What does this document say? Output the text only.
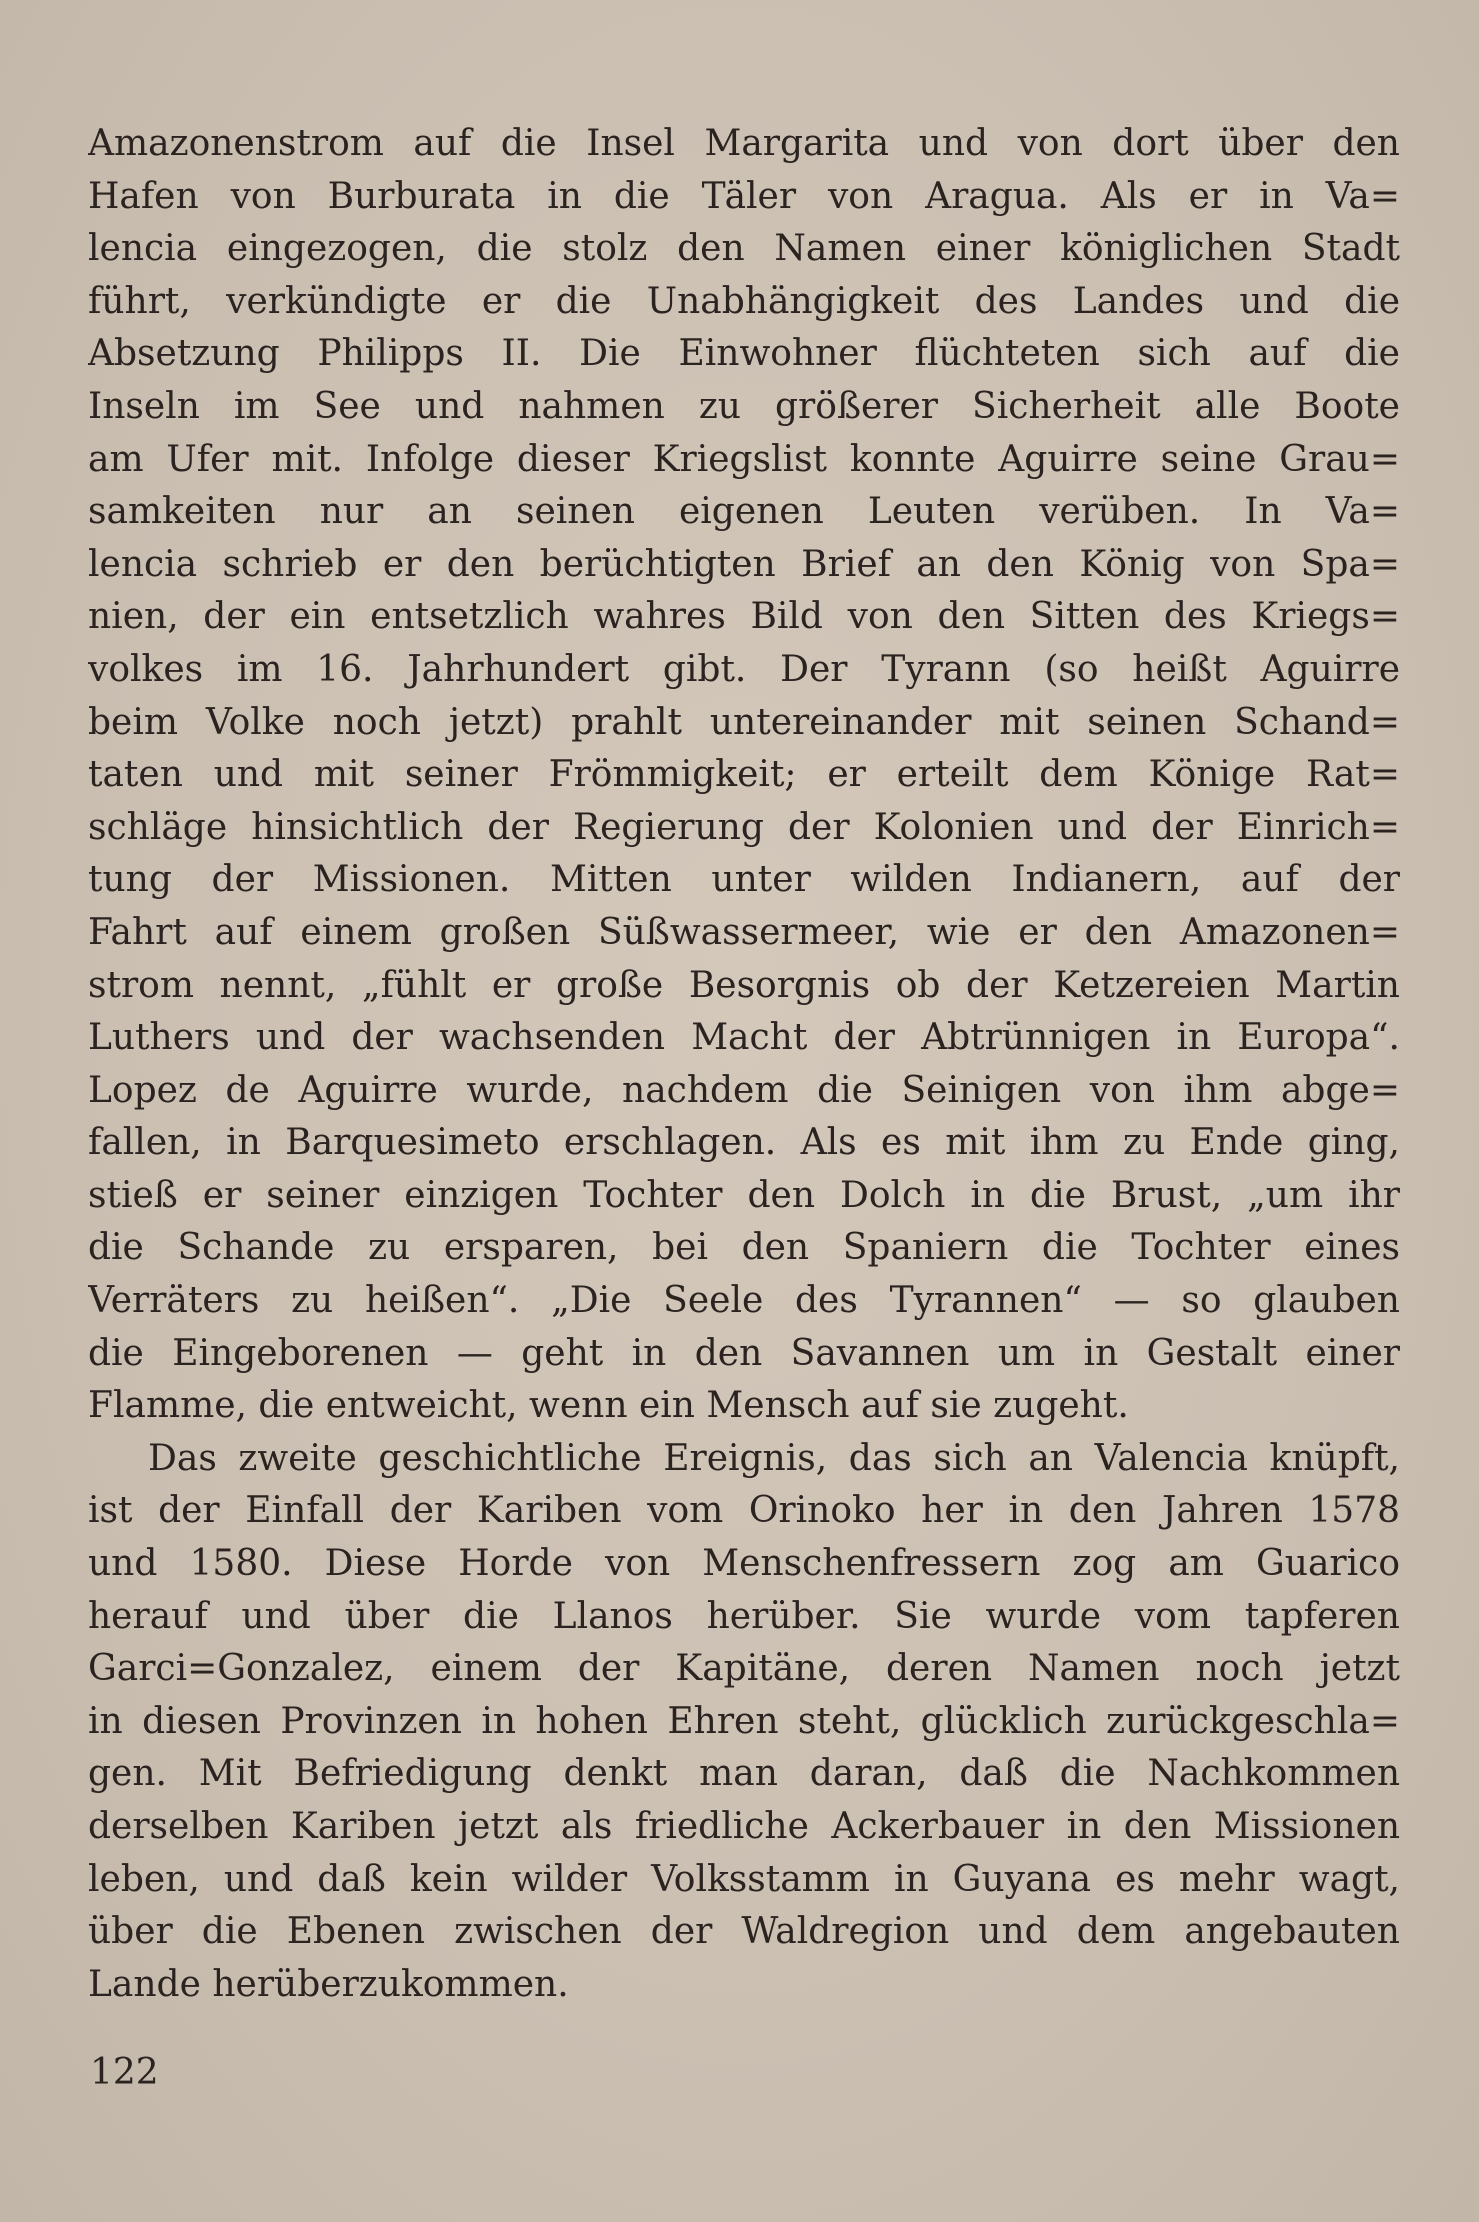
Amazonenstrom auf die Insel Margarita und von dort über den
Hafen von Burburata in die Täler von Aragua. Als er in Va=
lencia eingezogen, die stolz den Namen einer königlichen Stadt
führt, verkündigte er die Unabhängigkeit des Landes und die
Absetzung Philipps II. Die Einwohner flüchteten sich auf die
Inseln im See und nahmen zu größerer Sicherheit alle Boote
am Ufer mit. Infolge dieser Kriegslist konnte Aguirre seine Grau=
samkeiten nur an seinen eigenen Leuten verüben. In Va=
lencia schrieb er den berüchtigten Brief an den König von Spa=
nien, der ein entsetzlich wahres Bild von den Sitten des Kriegs=
volkes im 16. Jahrhundert gibt. Der Tyrann (so heißt Aguirre
beim Volke noch jetzt) prahlt untereinander mit seinen Schand=
taten und mit seiner Frömmigkeit; er erteilt dem Könige Rat=
schläge hinsichtlich der Regierung der Kolonien und der Einrich=
tung der Missionen. Mitten unter wilden Indianern, auf der
Fahrt auf einem großen Süßwassermeer, wie er den Amazonen=
strom nennt, „fühlt er große Besorgnis ob der Ketzereien Martin
Luthers und der wachsenden Macht der Abtrünnigen in Europa“.
Lopez de Aguirre wurde, nachdem die Seinigen von ihm abge=
fallen, in Barquesimeto erschlagen. Als es mit ihm zu Ende ging,
stieß er seiner einzigen Tochter den Dolch in die Brust, „um ihr
die Schande zu ersparen, bei den Spaniern die Tochter eines
Verräters zu heißen“. „Die Seele des Tyrannen“ — so glauben
die Eingeborenen — geht in den Savannen um in Gestalt einer
Flamme, die entweicht, wenn ein Mensch auf sie zugeht.
Das zweite geschichtliche Ereignis, das sich an Valencia knüpft,
ist der Einfall der Kariben vom Orinoko her in den Jahren 1578
und 1580. Diese Horde von Menschenfressern zog am Guarico
herauf und über die Llanos herüber. Sie wurde vom tapferen
Garci=Gonzalez, einem der Kapitäne, deren Namen noch jetzt
in diesen Provinzen in hohen Ehren steht, glücklich zurückgeschla=
gen. Mit Befriedigung denkt man daran, daß die Nachkommen
derselben Kariben jetzt als friedliche Ackerbauer in den Missionen
leben, und daß kein wilder Volksstamm in Guyana es mehr wagt,
über die Ebenen zwischen der Waldregion und dem angebauten
Lande herüberzukommen.
122
